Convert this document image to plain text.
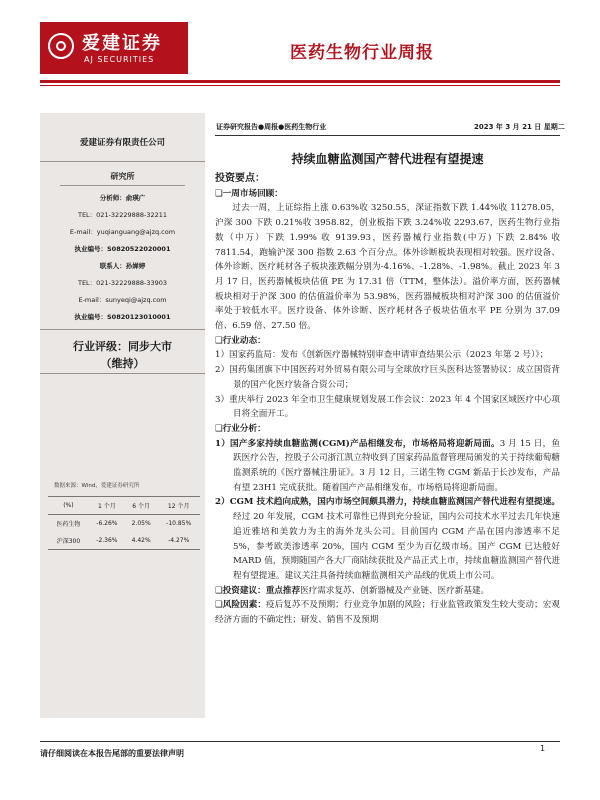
爱建证券
AJ SECURITIES	医药生物行业周报
爱建证券有限责任公司
研究所
分析师：俞瑛广
TEL：021-32229888-32211
E-mail：yuqianguang@ajzq.com
执业编号：S0820522020001
联系人：孙婵婷
TEL：021-32229888-33903
E-mail：sunyeqi@ajzq.com
执业编号：S0820123010001
行业评级：同步大市
（维持）
数据来源：Wind，爱建证券研究所
(%)	1 个月	6 个月	12 个月
医药生物	-6.26%	2.05%	-10.85%
沪深300	-2.36%	4.42%	-4.27%
证券研究报告●周报●医药生物行业	2023 年 3 月 21 日 星期二
持续血糖监测国产替代进程有望提速

投资要点：

❑一周市场回顾：

过去一周，上证综指上涨 0.63%收 3250.55，深证指数下跌 1.44%收 11278.05，沪深 300 下跌 0.21%收 3958.82，创业板指下跌 3.24%收 2293.67，医药生物行业指数（中万）下跌 1.99% 收 9139.93，医药器械行业指数(中万) 下跌 2.84% 收 7811.54，跑输沪深 300 指数 2.63 个百分点。体外诊断板块表现相对较强。医疗设备、体外诊断、医疗耗材各子板块涨跌幅分别为-4.16%、-1.28%、-1.98%。截止 2023 年 3 月 17 日，医药器械板块估值 PE 为 17.31 倍（TTM，整体法）。溢价率方面，医药器械板块相对于沪深 300 的估值溢价率为 53.98%，医药器械板块相对沪深 300 的估值溢价率处于较低水平。医疗设备、体外诊断、医疗耗材各子板块估值水平 PE 分别为 37.09 倍、6.59 倍、27.50 倍。

❑行业动态：

1）国家药监局：发布《创新医疗器械特别审查申请审查结果公示（2023 年第 2 号）》；

2）国药集团旗下中国医药对外贸易有限公司与全球放疗巨头医科达签署协议：成立国资背景的国产化医疗装备合资公司；

3）重庆举行 2023 年全市卫生健康规划发展工作会议：2023 年 4 个国家区域医疗中心项目将全面开工。

❑行业分析：

1）国产多家持续血糖监测(CGM)产品相继发布，市场格局将迎新局面。3 月 15 日，鱼跃医疗公告，控股子公司浙江凯立特收到了国家药品监督管理局颁发的关于持续葡萄糖监测系统的《医疗器械注册证》。3 月 12 日，三诺生物 CGM 新品于长沙发布，产品有望 23H1 完成获批。随着国产产品相继发布，市场格局将迎新局面。

2）CGM 技术趋向成熟，国内市场空间颇具潜力，持续血糖监测国产替代进程有望提速。经过 20 年发展，CGM 技术可靠性已得到充分验证，国内公司技术水平过去几年快速追近雅培和美敦力为主的海外龙头公司。目前国内 CGM 产品在国内渗透率不足 5%，参考欧美渗透率 20%，国内 CGM 至少为百亿级市场。国产 CGM 已达般好 MARD 值，预期随国产各大厂商陆续获批及产品正式上市，持续血糖监测国产替代进程有望提速。建议关注具备持续血糖监测相关产品线的优质上市公司。

❑投资建议：重点推荐医疗需求复苏、创新器械及产业链、医疗新基建。

❑风险因素：疫后复苏不及预期；行业竞争加剧的风险；行业监管政策发生较大变动；宏观经济方面的不确定性；研发、销售不及预期

请仔细阅读在本报告尾部的重要法律声明
1
